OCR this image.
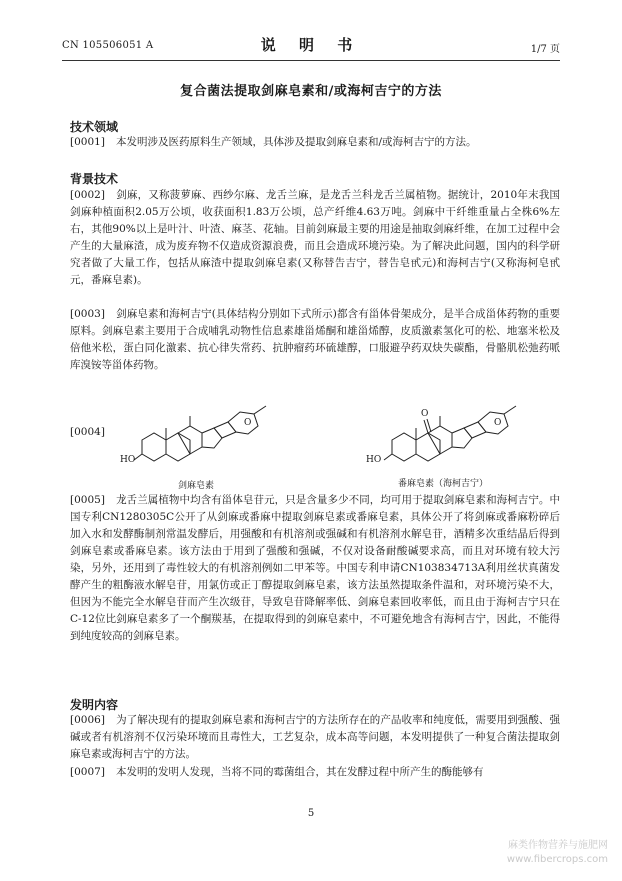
CN 105506051 A	说 明 书	1/7 页
复合菌法提取剑麻皂素和/或海柯吉宁的方法
技术领域
[0001] 本发明涉及医药原料生产领域，具体涉及提取剑麻皂素和/或海柯吉宁的方法。
背景技术
[0002] 剑麻，又称菠萝麻、西纱尔麻、龙舌兰麻，是龙舌兰科龙舌兰属植物。据统计，2010年末我国剑麻种植面积2.05万公顷，收获面积1.83万公顷，总产纤维4.63万吨。剑麻中干纤维重量占全株6%左右，其他90%以上是叶汁、叶渣、麻茎、花轴。目前剑麻最主要的用途是抽取剑麻纤维，在加工过程中会产生的大量麻渣，成为废弃物不仅造成资源浪费，而且会造成环境污染。为了解决此问题，国内的科学研究者做了大量工作，包括从麻渣中提取剑麻皂素(又称替告吉宁，替告皂甙元)和海柯吉宁(又称海柯皂甙元，番麻皂素)。
[0003] 剑麻皂素和海柯吉宁(具体结构分别如下式所示)都含有甾体骨架成分，是半合成甾体药物的重要原料。剑麻皂素主要用于合成哺乳动物性信息素雄甾烯酮和雄甾烯醇，皮质激素氢化可的松、地塞米松及倍他米松，蛋白同化激素、抗心律失常药、抗肿瘤药环硫雄醇，口服避孕药双炔失碳酯，骨骼肌松弛药哌库溴铵等甾体药物。
[0004]
HO
O
剑麻皂素
HO
O
O
番麻皂素（海柯吉宁）
[0005] 龙舌兰属植物中均含有甾体皂苷元，只是含量多少不同，均可用于提取剑麻皂素和海柯吉宁。中国专利CN1280305C公开了从剑麻或番麻中提取剑麻皂素或番麻皂素，具体公开了将剑麻或番麻粉碎后加入水和发酵酶制剂常温发酵后，用强酸和有机溶剂或强碱和有机溶剂水解皂苷，酒精多次重结晶后得到剑麻皂素或番麻皂素。该方法由于用到了强酸和强碱，不仅对设备耐酸碱要求高，而且对环境有较大污染，另外，还用到了毒性较大的有机溶剂例如二甲苯等。中国专利申请CN103834713A利用丝状真菌发酵产生的粗酶液水解皂苷，用氯仿或正丁醇提取剑麻皂素，该方法虽然提取条件温和，对环境污染不大，但因为不能完全水解皂苷而产生次级苷，导致皂苷降解率低、剑麻皂素回收率低，而且由于海柯吉宁只在C-12位比剑麻皂素多了一个酮羰基，在提取得到的剑麻皂素中，不可避免地含有海柯吉宁，因此，不能得到纯度较高的剑麻皂素。
发明内容
[0006] 为了解决现有的提取剑麻皂素和海柯吉宁的方法所存在的产品收率和纯度低，需要用到强酸、强碱或者有机溶剂不仅污染环境而且毒性大，工艺复杂，成本高等问题，本发明提供了一种复合菌法提取剑麻皂素或海柯吉宁的方法。
[0007] 本发明的发明人发现，当将不同的霉菌组合，其在发酵过程中所产生的酶能够有
5
麻类作物营养与施肥网
www.fibercrops.com
